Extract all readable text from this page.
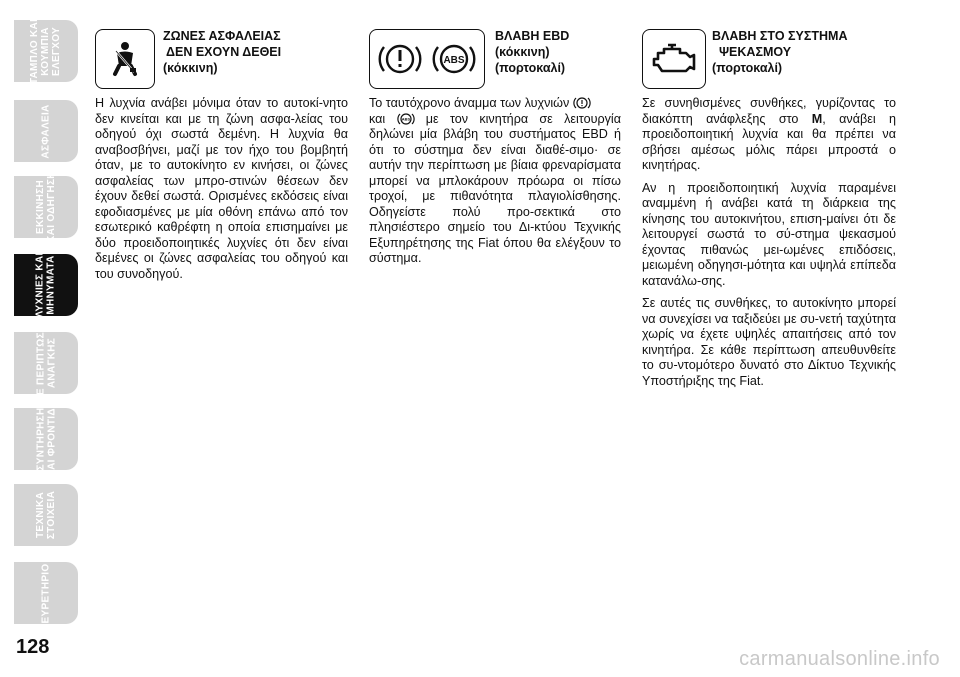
ΤΑΜΠΛΟ ΚΑΙ
ΚΟΥΜΠΙΑ
ΕΛΕΓΧΟΥ
ΑΣΦΑΛΕΙΑ
ΕΚΚΙΝΗΣΗ
ΚΑΙ ΟΔΗΓΗΣΗ
ΛΥΧΝΙΕΣ ΚΑΙ
ΜΗΝΥΜΑΤΑ
ΣΕ ΠΕΡΙΠΤΩΣΗ
ΑΝΑΓΚΗΣ
ΣΥΝΤΗΡΗΣΗ
ΚΑΙ ΦΡΟΝΤΙΔΑ
ΤΕΧΝΙΚΑ
ΣΤΟΙΧΕΙΑ
ΕΥΡΕΤΗΡΙΟ
128
ΖΩΝΕΣ ΑΣΦΑΛΕΙΑΣ
ΔΕΝ ΕΧΟΥΝ ΔΕΘΕΙ
(κόκκινη)

Η λυχνία ανάβει μόνιμα όταν το αυτοκί-νητο δεν κινείται και με τη ζώνη ασφα-λείας του οδηγού όχι σωστά δεμένη. Η λυχνία θα αναβοσβήνει, μαζί με τον ήχο του βομβητή όταν, με το αυτοκίνητο εν κινήσει, οι ζώνες ασφαλείας των μπρο-στινών θέσεων δεν έχουν δεθεί σωστά. Ορισμένες εκδόσεις είναι εφοδιασμένες με μία οθόνη επάνω από τον εσωτερικό καθρέφτη η οποία επισημαίνει με δύο προειδοποιητικές λυχνίες ότι δεν είναι δεμένες οι ζώνες ασφαλείας του οδηγού και του συνοδηγού.

ABS
ΒΛΑΒΗ EBD
(κόκκινη)
(πορτοκαλί)

Το ταυτόχρονο άναμμα των λυχνιών
και	ABS με τον κινητήρα σε λειτουργία δηλώνει μία βλάβη του συστήματος EBD ή ότι το σύστημα δεν είναι διαθέ-σιμο· σε αυτήν την περίπτωση με βίαια φρεναρίσματα μπορεί να μπλοκάρουν πρόωρα οι πίσω τροχοί, με πιθανότητα πλαγιολίσθησης. Οδηγείστε πολύ προ-σεκτικά στο πλησιέστερο σημείο του Δι-κτύου Τεχνικής Εξυπηρέτησης της Fiat όπου θα ελέγξουν το σύστημα.

ΒΛΑΒΗ ΣΤΟ ΣΥΣΤΗΜΑ
ΨΕΚΑΣΜΟΥ
(πορτοκαλί)

Σε συνηθισμένες συνθήκες, γυρίζοντας το διακόπτη ανάφλεξης στο M, ανάβει η προειδοποιητική λυχνία και θα πρέπει να σβήσει αμέσως μόλις πάρει μπροστά ο κινητήρας.

Αν η προειδοποιητική λυχνία παραμένει αναμμένη ή ανάβει κατά τη διάρκεια της κίνησης του αυτοκινήτου, επιση-μαίνει ότι δε λειτουργεί σωστά το σύ-στημα ψεκασμού έχοντας πιθανώς μει-ωμένες επιδόσεις, μειωμένη οδηγησι-μότητα και υψηλά επίπεδα κατανάλω-σης.

Σε αυτές τις συνθήκες, το αυτοκίνητο μπορεί να συνεχίσει να ταξιδεύει με συ-νετή ταχύτητα χωρίς να έχετε υψηλές απαιτήσεις από τον κινητήρα. Σε κάθε περίπτωση απευθυνθείτε το συ-ντομότερο δυνατό στο Δίκτυο Τεχνικής Υποστήριξης της Fiat.

carmanualsonline.info
